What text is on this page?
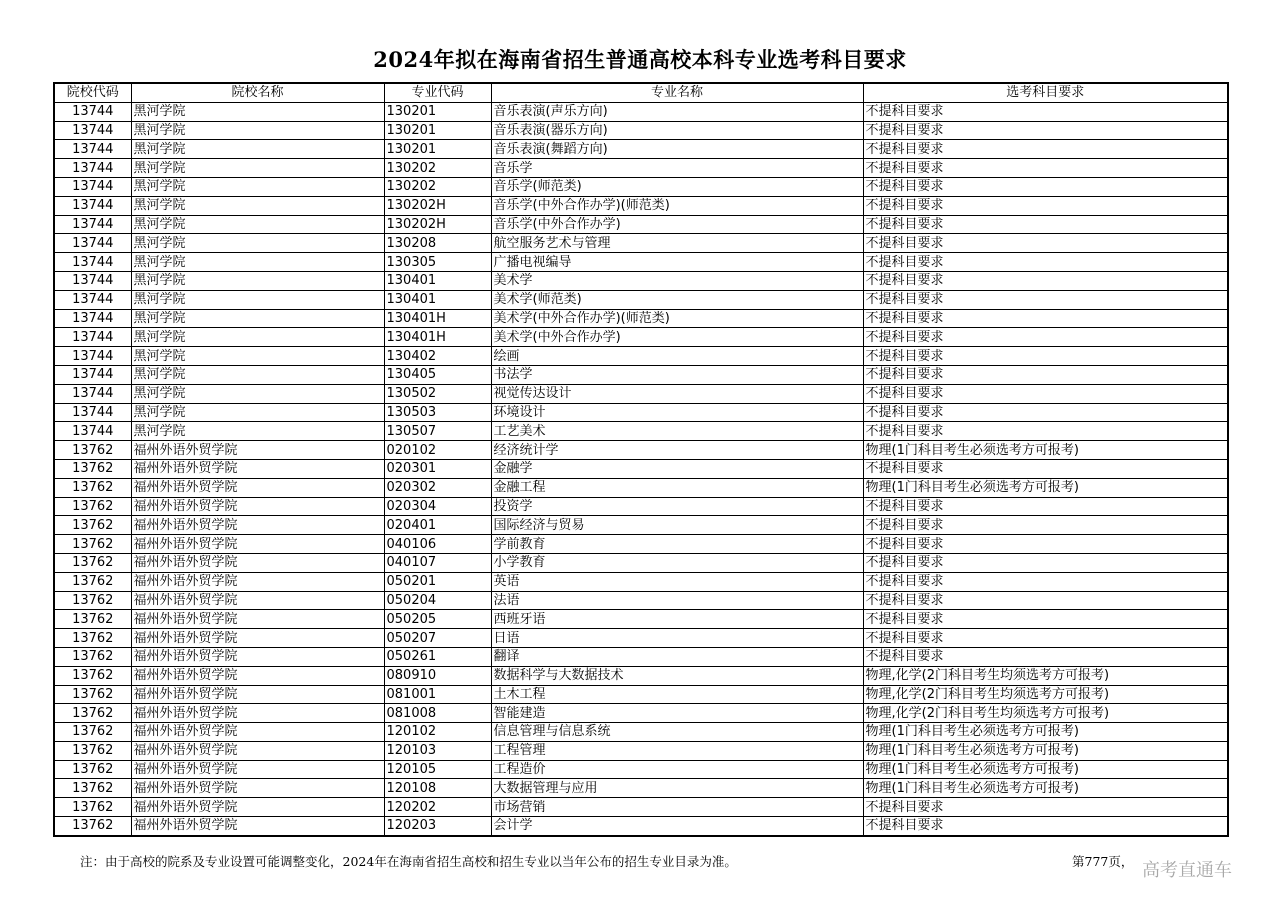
2024年拟在海南省招生普通高校本科专业选考科目要求
院校代码	院校名称	专业代码	专业名称	选考科目要求
13744	黑河学院	130201	音乐表演(声乐方向)	不提科目要求
13744	黑河学院	130201	音乐表演(器乐方向)	不提科目要求
13744	黑河学院	130201	音乐表演(舞蹈方向)	不提科目要求
13744	黑河学院	130202	音乐学	不提科目要求
13744	黑河学院	130202	音乐学(师范类)	不提科目要求
13744	黑河学院	130202H	音乐学(中外合作办学)(师范类)	不提科目要求
13744	黑河学院	130202H	音乐学(中外合作办学)	不提科目要求
13744	黑河学院	130208	航空服务艺术与管理	不提科目要求
13744	黑河学院	130305	广播电视编导	不提科目要求
13744	黑河学院	130401	美术学	不提科目要求
13744	黑河学院	130401	美术学(师范类)	不提科目要求
13744	黑河学院	130401H	美术学(中外合作办学)(师范类)	不提科目要求
13744	黑河学院	130401H	美术学(中外合作办学)	不提科目要求
13744	黑河学院	130402	绘画	不提科目要求
13744	黑河学院	130405	书法学	不提科目要求
13744	黑河学院	130502	视觉传达设计	不提科目要求
13744	黑河学院	130503	环境设计	不提科目要求
13744	黑河学院	130507	工艺美术	不提科目要求
13762	福州外语外贸学院	020102	经济统计学	物理(1门科目考生必须选考方可报考)
13762	福州外语外贸学院	020301	金融学	不提科目要求
13762	福州外语外贸学院	020302	金融工程	物理(1门科目考生必须选考方可报考)
13762	福州外语外贸学院	020304	投资学	不提科目要求
13762	福州外语外贸学院	020401	国际经济与贸易	不提科目要求
13762	福州外语外贸学院	040106	学前教育	不提科目要求
13762	福州外语外贸学院	040107	小学教育	不提科目要求
13762	福州外语外贸学院	050201	英语	不提科目要求
13762	福州外语外贸学院	050204	法语	不提科目要求
13762	福州外语外贸学院	050205	西班牙语	不提科目要求
13762	福州外语外贸学院	050207	日语	不提科目要求
13762	福州外语外贸学院	050261	翻译	不提科目要求
13762	福州外语外贸学院	080910	数据科学与大数据技术	物理,化学(2门科目考生均须选考方可报考)
13762	福州外语外贸学院	081001	土木工程	物理,化学(2门科目考生均须选考方可报考)
13762	福州外语外贸学院	081008	智能建造	物理,化学(2门科目考生均须选考方可报考)
13762	福州外语外贸学院	120102	信息管理与信息系统	物理(1门科目考生必须选考方可报考)
13762	福州外语外贸学院	120103	工程管理	物理(1门科目考生必须选考方可报考)
13762	福州外语外贸学院	120105	工程造价	物理(1门科目考生必须选考方可报考)
13762	福州外语外贸学院	120108	大数据管理与应用	物理(1门科目考生必须选考方可报考)
13762	福州外语外贸学院	120202	市场营销	不提科目要求
13762	福州外语外贸学院	120203	会计学	不提科目要求
注：由于高校的院系及专业设置可能调整变化，2024年在海南省招生高校和招生专业以当年公布的招生专业目录为准。	第777页， 高考直通车
